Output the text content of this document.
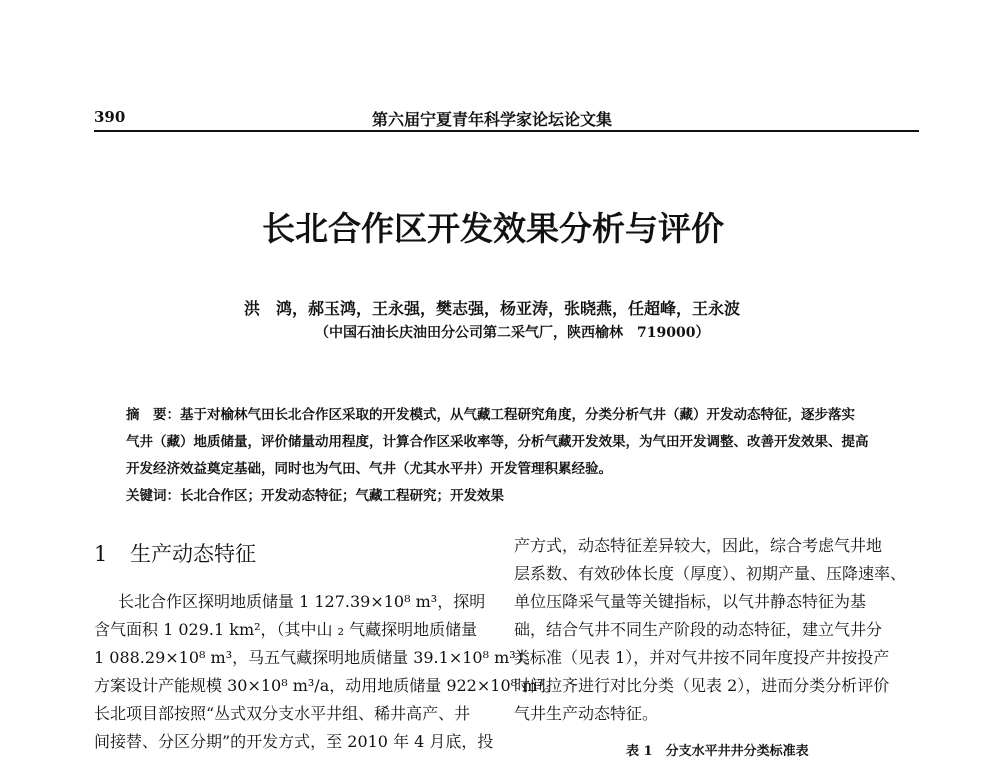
390	第六届宁夏青年科学家论坛论文集
长北合作区开发效果分析与评价
洪　鸿，郝玉鸿，王永强，樊志强，杨亚涛，张晓燕，任超峰，王永波
（中国石油长庆油田分公司第二采气厂，陕西榆林　719000）
摘　要：基于对榆林气田长北合作区采取的开发模式，从气藏工程研究角度，分类分析气井（藏）开发动态特征，逐步落实
气井（藏）地质储量，评价储量动用程度，计算合作区采收率等，分析气藏开发效果，为气田开发调整、改善开发效果、提高
开发经济效益奠定基础，同时也为气田、气井（尤其水平井）开发管理积累经验。
关键词：长北合作区；开发动态特征；气藏工程研究；开发效果
1 生产动态特征
长北合作区探明地质储量 1 127.39×10⁸ m³，探明
含气面积 1 029.1 km²，（其中山 ₂ 气藏探明地质储量
1 088.29×10⁸ m³，马五气藏探明地质储量 39.1×10⁸ m³）。
方案设计产能规模 30×10⁸ m³/a，动用地质储量 922×10⁸ m³。
长北项目部按照“丛式双分支水平井组、稀井高产、井
间接替、分区分期”的开发方式，至 2010 年 4 月底，投
产方式，动态特征差异较大，因此，综合考虑气井地
层系数、有效砂体长度（厚度）、初期产量、压降速率、
单位压降采气量等关键指标，以气井静态特征为基
础，结合气井不同生产阶段的动态特征，建立气井分
类标准（见表 1），并对气井按不同年度投产井按投产
时间拉齐进行对比分类（见表 2），进而分类分析评价
气井生产动态特征。
表 1　分支水平井井分类标准表
